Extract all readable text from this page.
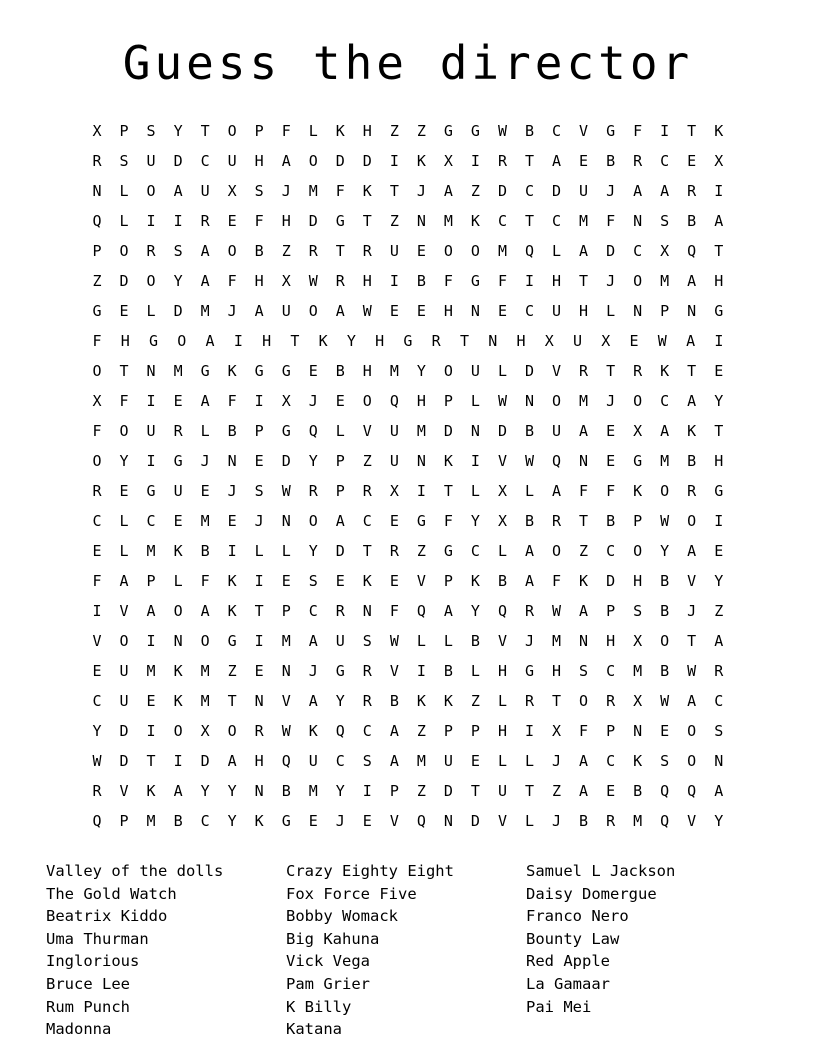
Guess the director
X	P	S	Y	T	O	P	F	L	K	H	Z	Z	G	G	W	B	C	V	G	F	I	T	K
R	S	U	D	C	U	H	A	O	D	D	I	K	X	I	R	T	A	E	B	R	C	E	X
N	L	O	A	U	X	S	J	M	F	K	T	J	A	Z	D	C	D	U	J	A	A	R	I
Q	L	I	I	R	E	F	H	D	G	T	Z	N	M	K	C	T	C	M	F	N	S	B	A
P	O	R	S	A	O	B	Z	R	T	R	U	E	O	O	M	Q	L	A	D	C	X	Q	T
Z	D	O	Y	A	F	H	X	W	R	H	I	B	F	G	F	I	H	T	J	O	M	A	H
G	E	L	D	M	J	A	U	O	A	W	E	E	H	N	E	C	U	H	L	N	P	N	G
F	H	G	O	A	I	H	T	K	Y	H	G	R	T	N	H	X	U	X	E	W	A	I
O	T	N	M	G	K	G	G	E	B	H	M	Y	O	U	L	D	V	R	T	R	K	T	E
X	F	I	E	A	F	I	X	J	E	O	Q	H	P	L	W	N	O	M	J	O	C	A	Y
F	O	U	R	L	B	P	G	Q	L	V	U	M	D	N	D	B	U	A	E	X	A	K	T
O	Y	I	G	J	N	E	D	Y	P	Z	U	N	K	I	V	W	Q	N	E	G	M	B	H
R	E	G	U	E	J	S	W	R	P	R	X	I	T	L	X	L	A	F	F	K	O	R	G
C	L	C	E	M	E	J	N	O	A	C	E	G	F	Y	X	B	R	T	B	P	W	O	I
E	L	M	K	B	I	L	L	Y	D	T	R	Z	G	C	L	A	O	Z	C	O	Y	A	E
F	A	P	L	F	K	I	E	S	E	K	E	V	P	K	B	A	F	K	D	H	B	V	Y
I	V	A	O	A	K	T	P	C	R	N	F	Q	A	Y	Q	R	W	A	P	S	B	J	Z
V	O	I	N	O	G	I	M	A	U	S	W	L	L	B	V	J	M	N	H	X	O	T	A
E	U	M	K	M	Z	E	N	J	G	R	V	I	B	L	H	G	H	S	C	M	B	W	R
C	U	E	K	M	T	N	V	A	Y	R	B	K	K	Z	L	R	T	O	R	X	W	A	C
Y	D	I	O	X	O	R	W	K	Q	C	A	Z	P	P	H	I	X	F	P	N	E	O	S
W	D	T	I	D	A	H	Q	U	C	S	A	M	U	E	L	L	J	A	C	K	S	O	N
R	V	K	A	Y	Y	N	B	M	Y	I	P	Z	D	T	U	T	Z	A	E	B	Q	Q	A
Q	P	M	B	C	Y	K	G	E	J	E	V	Q	N	D	V	L	J	B	R	M	Q	V	Y
Valley of the dolls
The Gold Watch
Beatrix Kiddo
Uma Thurman
Inglorious
Bruce Lee
Rum Punch
Madonna
Crazy Eighty Eight
Fox Force Five
Bobby Womack
Big Kahuna
Vick Vega
Pam Grier
K Billy
Katana
Samuel L Jackson
Daisy Domergue
Franco Nero
Bounty Law
Red Apple
La Gamaar
Pai Mei
